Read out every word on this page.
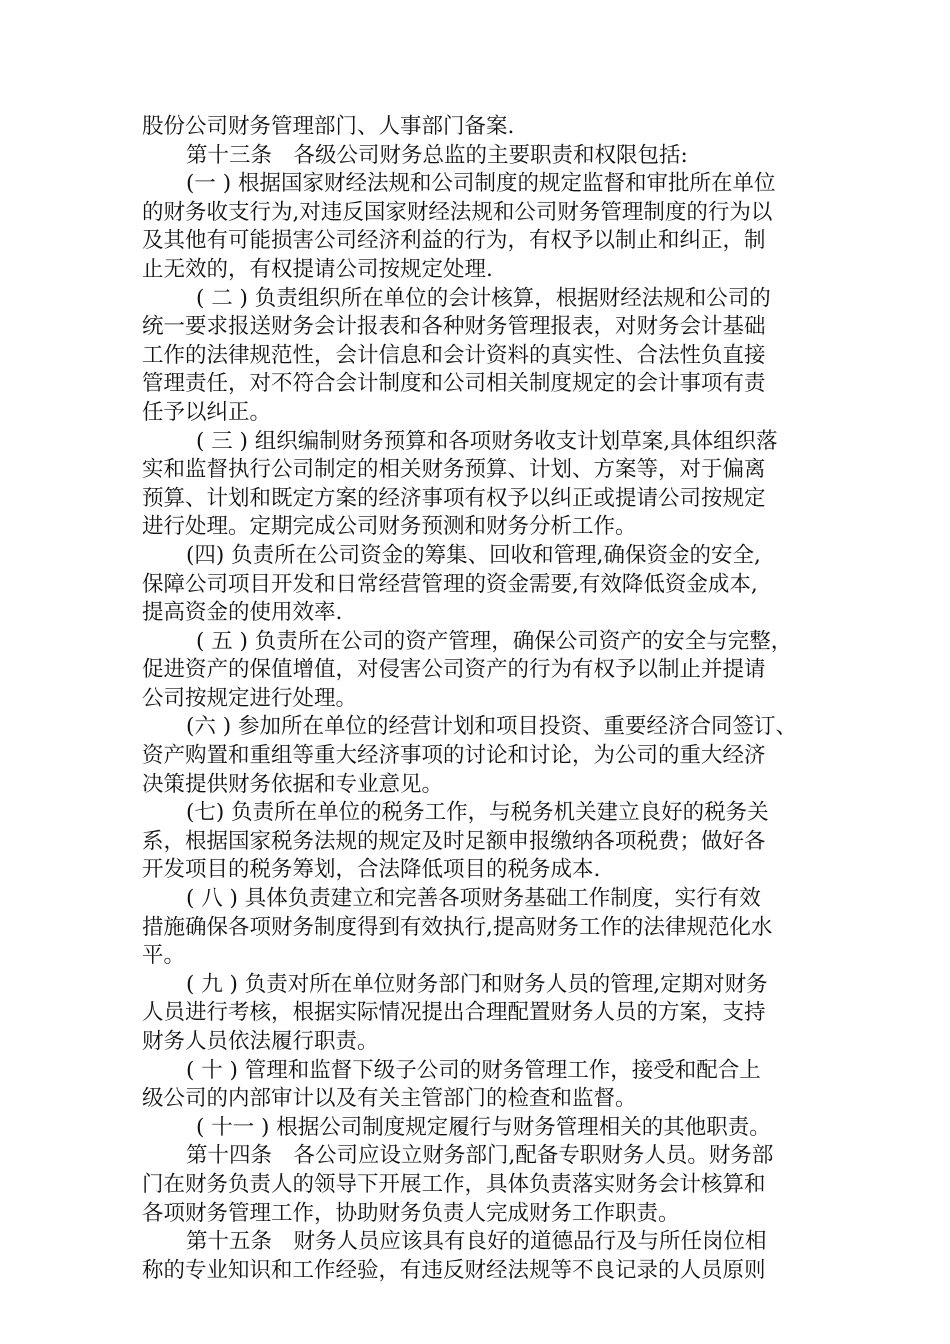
股份公司财务管理部门、人事部门备案.
第十三条　各级公司财务总监的主要职责和权限包括:
(一 ) 根据国家财经法规和公司制度的规定监督和审批所在单位
的财务收支行为,对违反国家财经法规和公司财务管理制度的行为以
及其他有可能损害公司经济利益的行为，有权予以制止和纠正，制
止无效的，有权提请公司按规定处理.
( 二 ) 负责组织所在单位的会计核算，根据财经法规和公司的
统一要求报送财务会计报表和各种财务管理报表，对财务会计基础
工作的法律规范性，会计信息和会计资料的真实性、合法性负直接
管理责任，对不符合会计制度和公司相关制度规定的会计事项有责
任予以纠正。
( 三 ) 组织编制财务预算和各项财务收支计划草案,具体组织落
实和监督执行公司制定的相关财务预算、计划、方案等，对于偏离
预算、计划和既定方案的经济事项有权予以纠正或提请公司按规定
进行处理。定期完成公司财务预测和财务分析工作。
(四) 负责所在公司资金的筹集、回收和管理,确保资金的安全,
保障公司项目开发和日常经营管理的资金需要,有效降低资金成本,
提高资金的使用效率.
( 五 ) 负责所在公司的资产管理，确保公司资产的安全与完整，
促进资产的保值增值，对侵害公司资产的行为有权予以制止并提请
公司按规定进行处理。
(六 ) 参加所在单位的经营计划和项目投资、重要经济合同签订、
资产购置和重组等重大经济事项的讨论和讨论，为公司的重大经济
决策提供财务依据和专业意见。
(七) 负责所在单位的税务工作，与税务机关建立良好的税务关
系，根据国家税务法规的规定及时足额申报缴纳各项税费；做好各
开发项目的税务筹划，合法降低项目的税务成本.
( 八 ) 具体负责建立和完善各项财务基础工作制度，实行有效
措施确保各项财务制度得到有效执行,提高财务工作的法律规范化水
平。
( 九 ) 负责对所在单位财务部门和财务人员的管理,定期对财务
人员进行考核，根据实际情况提出合理配置财务人员的方案，支持
财务人员依法履行职责。
( 十 ) 管理和监督下级子公司的财务管理工作，接受和配合上
级公司的内部审计以及有关主管部门的检查和监督。
( 十一 ) 根据公司制度规定履行与财务管理相关的其他职责。
第十四条　各公司应设立财务部门,配备专职财务人员。财务部
门在财务负责人的领导下开展工作，具体负责落实财务会计核算和
各项财务管理工作，协助财务负责人完成财务工作职责。
第十五条　财务人员应该具有良好的道德品行及与所任岗位相
称的专业知识和工作经验，有违反财经法规等不良记录的人员原则
